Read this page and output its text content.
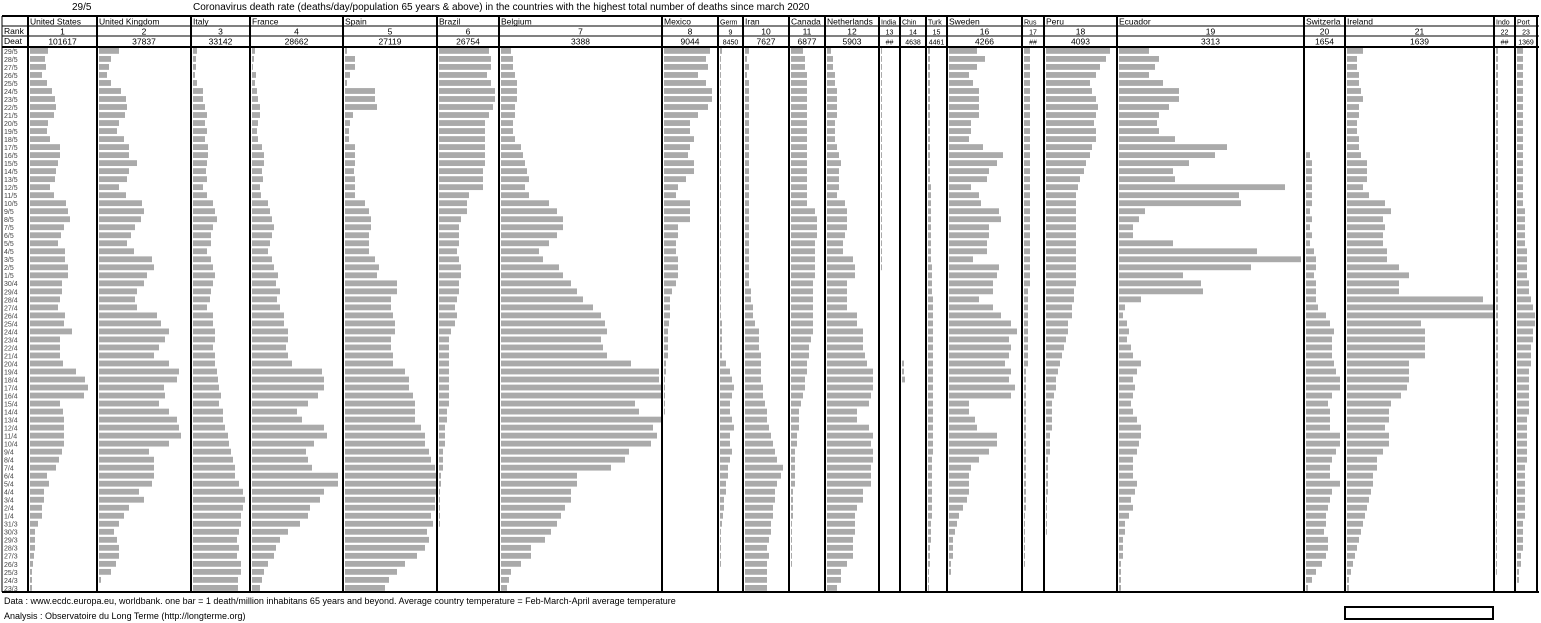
29/5	Coronavirus death rate (deaths/day/population 65 years & above) in the countries with the highest total number of deaths since march 2020
Rank
Deat
29/5
28/5
27/5
26/5
25/5
24/5
23/5
22/5
21/5
20/5
19/5
18/5
17/5
16/5
15/5
14/5
13/5
12/5
11/5
10/5
9/5
8/5
7/5
6/5
5/5
4/5
3/5
2/5
1/5
30/4
29/4
28/4
27/4
26/4
25/4
24/4
23/4
22/4
21/4
20/4
19/4
18/4
17/4
16/4
15/4
14/4
13/4
12/4
11/4
10/4
9/4
8/4
7/4
6/4
5/4
4/4
3/4
2/4
1/4
31/3
30/3
29/3
28/3
27/3
26/3
25/3
24/3
23/3
United States
1
101617
United Kingdom
2
37837
Italy
3
33142
France
4
28662
Spain
5
27119
Brazil
6
26754
Belgium
7
3388
Mexico
8
9044
Germ
9
8450
Iran
10
7627
Canada
11
6877
Netherlands
12
5903
India
13
##
Chin
14
4638
Turk
15
4461
Sweden
16
4266
Rus
17
##
Peru
18
4093
Ecuador
19
3313
Switzerla
20
1654
Ireland
21
1639
Indo
22
##
Port
23
1369
Data : www.ecdc.europa.eu, worldbank. one bar = 1 death/million inhabitans 65 years and beyond. Average country temperature = Feb-March-April average temperature
Analysis : Observatoire du Long Terme (http://longterme.org)
